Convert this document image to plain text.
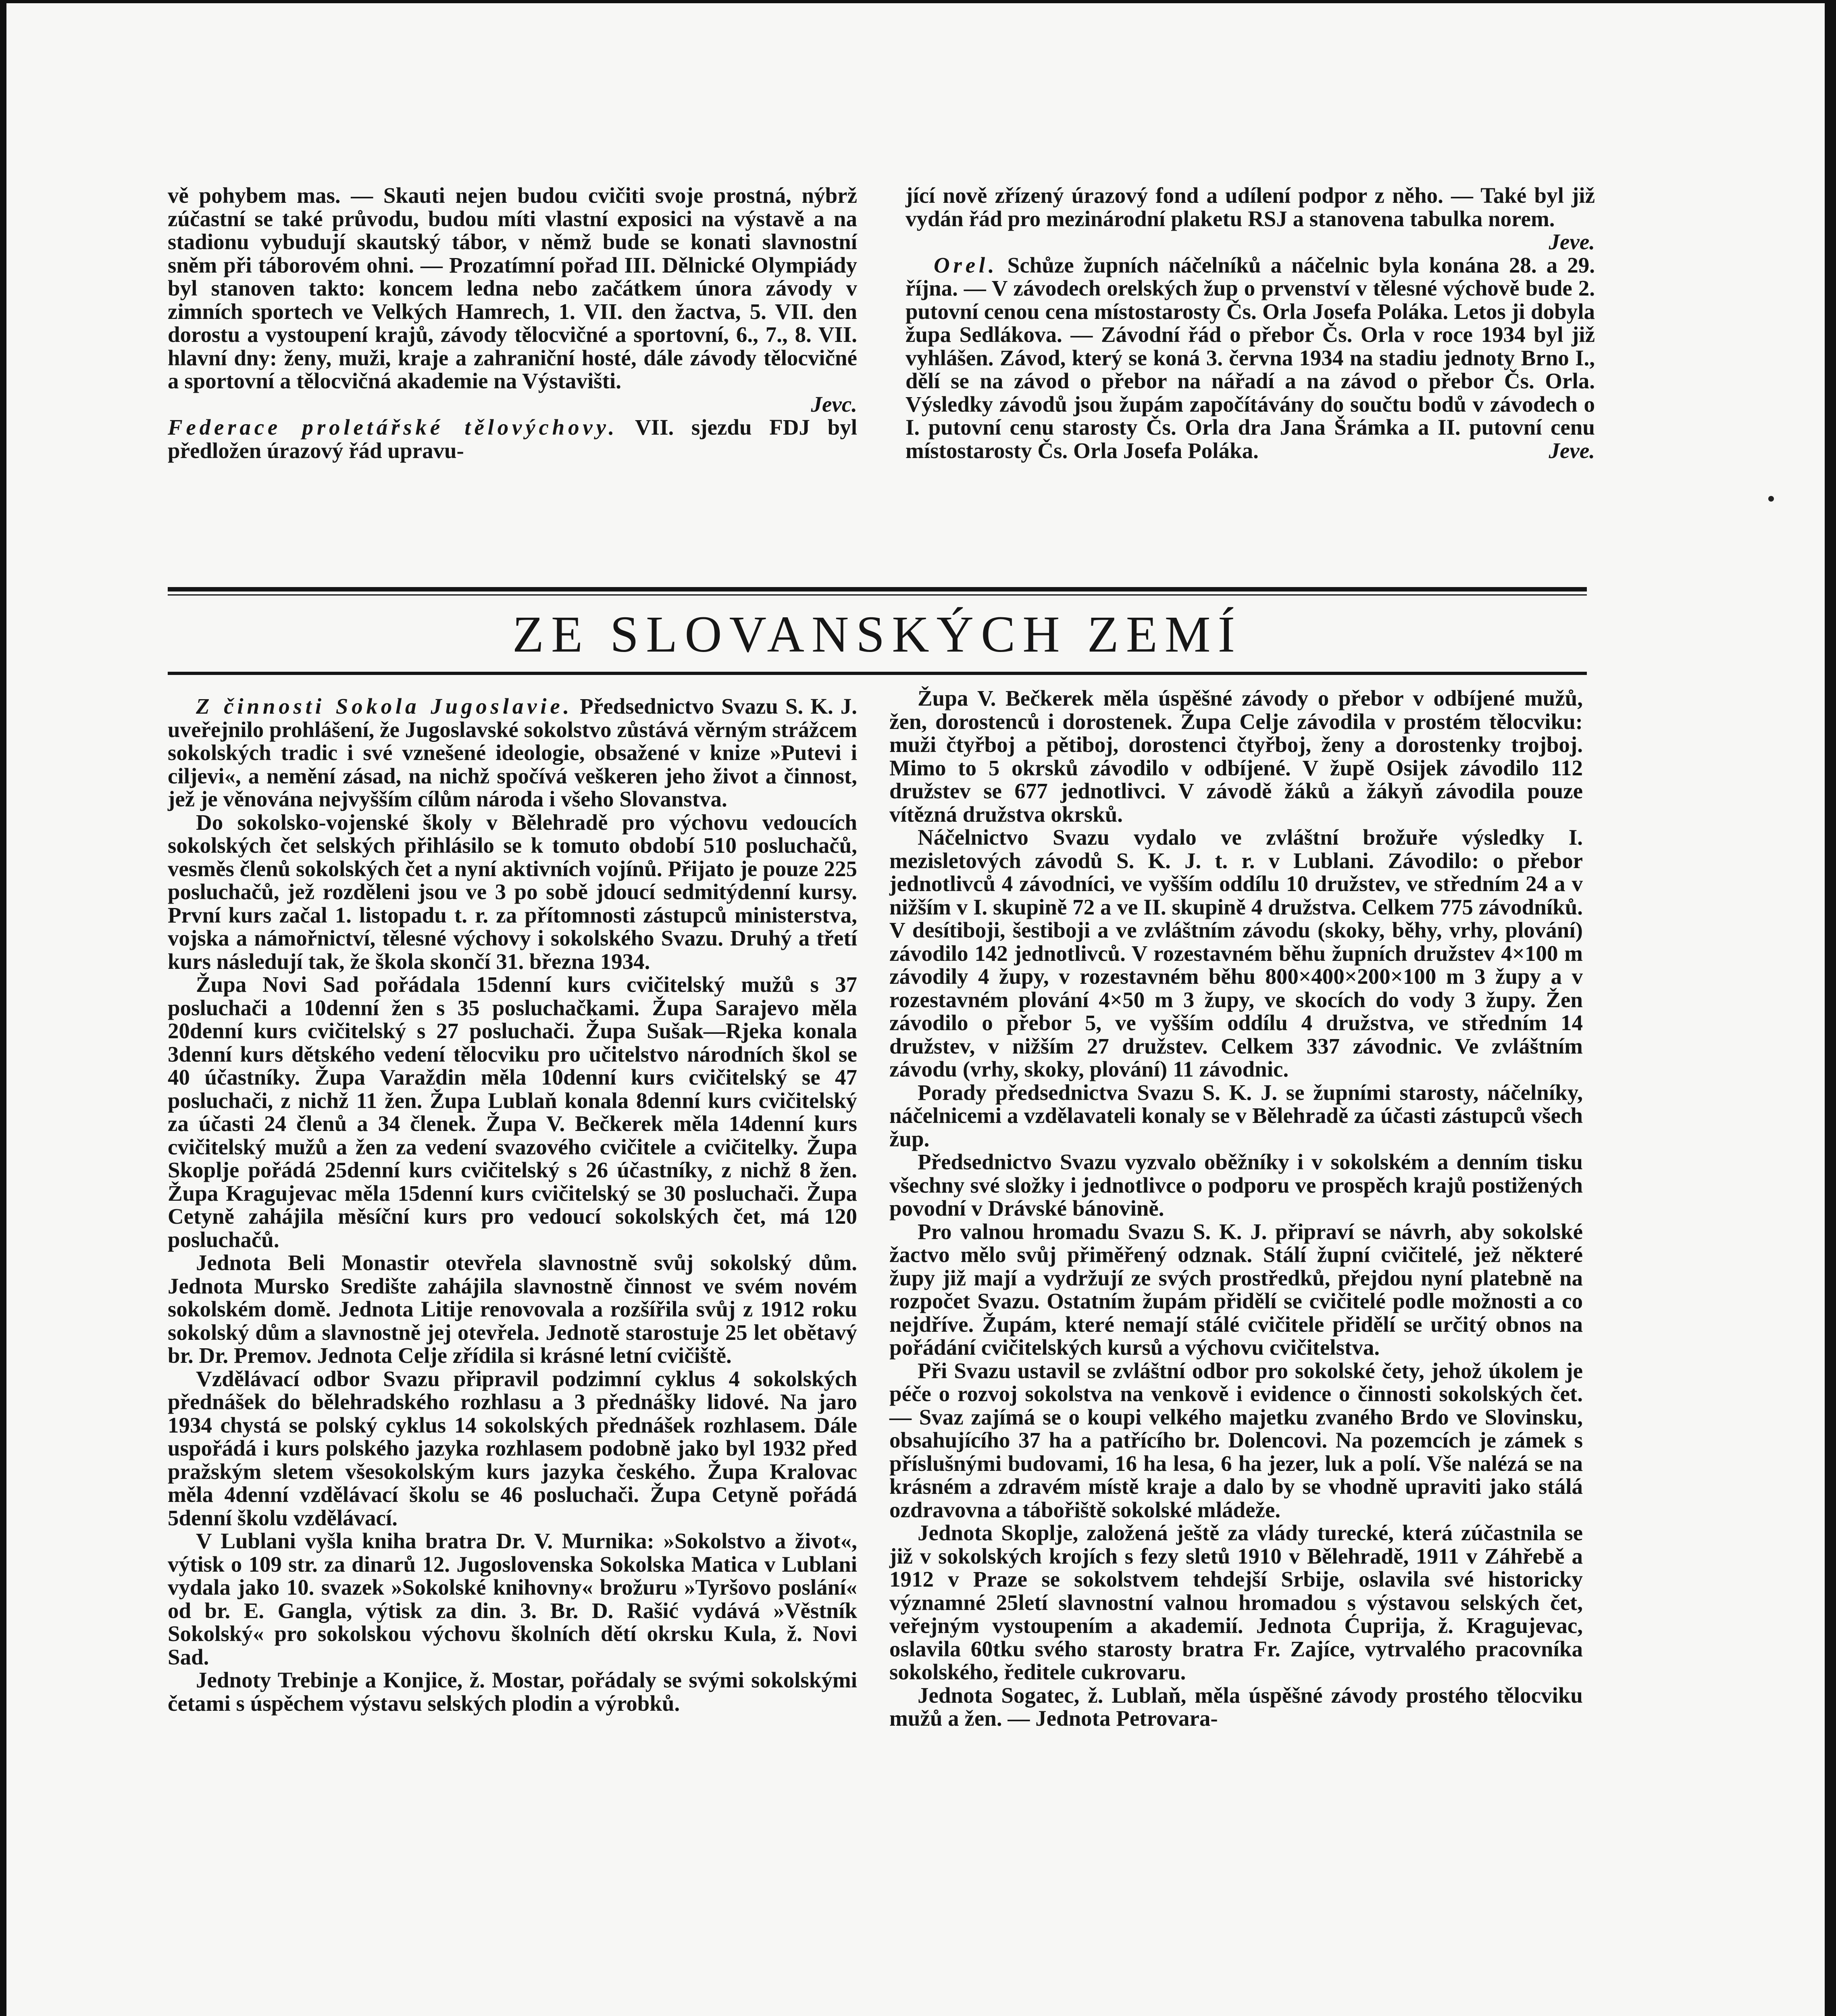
vě pohybem mas. — Skauti nejen budou cvičiti svoje prostná, nýbrž zúčastní se také průvodu, budou míti vlastní exposici na výstavě a na stadionu vybudují skautský tábor, v němž bude se konati slavnostní sněm při táborovém ohni. — Prozatímní pořad III. Dělnické Olympiády byl stanoven takto: koncem ledna nebo začátkem února závody v zimních sportech ve Velkých Hamrech, 1. VII. den žactva, 5. VII. den dorostu a vystoupení krajů, závody tělocvičné a sportovní, 6., 7., 8. VII. hlavní dny: ženy, muži, kraje a zahraniční hosté, dále závody tělocvičné a sportovní a tělocvičná akademie na Výstavišti.

Jevc.

Federace proletářské tělovýchovy. VII. sjezdu FDJ byl předložen úrazový řád upravu-

jící nově zřízený úrazový fond a udílení podpor z něho. — Také byl již vydán řád pro mezinárodní plaketu RSJ a stanovena tabulka norem.
Jeve.

Orel. Schůze župních náčelníků a náčelnic byla konána 28. a 29. října. — V závodech orelských žup o prvenství v tělesné výchově bude 2. putovní cenou cena místostarosty Čs. Orla Josefa Poláka. Letos ji dobyla župa Sedlákova. — Závodní řád o přebor Čs. Orla v roce 1934 byl již vyhlášen. Závod, který se koná 3. června 1934 na stadiu jednoty Brno I., dělí se na závod o přebor na nářadí a na závod o přebor Čs. Orla. Výsledky závodů jsou župám započítávány do součtu bodů v závodech o I. putovní cenu starosty Čs. Orla dra Jana Šrámka a II. putovní cenu místostarosty Čs. Orla Josefa Poláka.	Jeve.

ZE SLOVANSKÝCH ZEMÍ

Z činnosti Sokola Jugoslavie. Předsednictvo Svazu S. K. J. uveřejnilo prohlášení, že Jugoslavské sokolstvo zůstává věrným strážcem sokolských tradic i své vznešené ideologie, obsažené v knize »Putevi i ciljevi«, a nemění zásad, na nichž spočívá veškeren jeho život a činnost, jež je věnována nejvyšším cílům národa i všeho Slovanstva.

Do sokolsko-vojenské školy v Bělehradě pro výchovu vedoucích sokolských čet selských přihlásilo se k tomuto období 510 posluchačů, vesměs členů sokolských čet a nyní aktivních vojínů. Přijato je pouze 225 posluchačů, jež rozděleni jsou ve 3 po sobě jdoucí sedmitýdenní kursy. První kurs začal 1. listopadu t. r. za přítomnosti zástupců ministerstva, vojska a námořnictví, tělesné výchovy i sokolského Svazu. Druhý a třetí kurs následují tak, že škola skončí 31. března 1934.

Župa Novi Sad pořádala 15denní kurs cvičitelský mužů s 37 posluchači a 10denní žen s 35 posluchačkami. Župa Sarajevo měla 20denní kurs cvičitelský s 27 posluchači. Župa Sušak—Rjeka konala 3denní kurs dětského vedení tělocviku pro učitelstvo národních škol se 40 účastníky. Župa Varaždin měla 10denní kurs cvičitelský se 47 posluchači, z nichž 11 žen. Župa Lublaň konala 8denní kurs cvičitelský za účasti 24 členů a 34 členek. Župa V. Bečkerek měla 14denní kurs cvičitelský mužů a žen za vedení svazového cvičitele a cvičitelky. Župa Skoplje pořádá 25denní kurs cvičitelský s 26 účastníky, z nichž 8 žen. Župa Kragujevac měla 15denní kurs cvičitelský se 30 posluchači. Župa Cetyně zahájila měsíční kurs pro vedoucí sokolských čet, má 120 posluchačů.

Jednota Beli Monastir otevřela slavnostně svůj sokolský dům. Jednota Mursko Središte zahájila slavnostně činnost ve svém novém sokolském domě. Jednota Litije renovovala a rozšířila svůj z 1912 roku sokolský dům a slavnostně jej otevřela. Jednotě starostuje 25 let obětavý br. Dr. Premov. Jednota Celje zřídila si krásné letní cvičiště.

Vzdělávací odbor Svazu připravil podzimní cyklus 4 sokolských přednášek do bělehradského rozhlasu a 3 přednášky lidové. Na jaro 1934 chystá se polský cyklus 14 sokolských přednášek rozhlasem. Dále uspořádá i kurs polského jazyka rozhlasem podobně jako byl 1932 před pražským sletem všesokolským kurs jazyka českého. Župa Kralovac měla 4denní vzdělávací školu se 46 posluchači. Župa Cetyně pořádá 5denní školu vzdělávací.

V Lublani vyšla kniha bratra Dr. V. Murnika: »Sokolstvo a život«, výtisk o 109 str. za dinarů 12. Jugoslovenska Sokolska Matica v Lublani vydala jako 10. svazek »Sokolské knihovny« brožuru »Tyršovo poslání« od br. E. Gangla, výtisk za din. 3. Br. D. Rašić vydává »Věstník Sokolský« pro sokolskou výchovu školních dětí okrsku Kula, ž. Novi Sad.

Jednoty Trebinje a Konjice, ž. Mostar, pořádaly se svými sokolskými četami s úspěchem výstavu selských plodin a výrobků.

Župa V. Bečkerek měla úspěšné závody o přebor v odbíjené mužů, žen, dorostenců i dorostenek. Župa Celje závodila v prostém tělocviku: muži čtyřboj a pětiboj, dorostenci čtyřboj, ženy a dorostenky trojboj. Mimo to 5 okrsků závodilo v odbíjené. V župě Osijek závodilo 112 družstev se 677 jednotlivci. V závodě žáků a žákyň závodila pouze vítězná družstva okrsků.

Náčelnictvo Svazu vydalo ve zvláštní brožuře výsledky I. mezisletových závodů S. K. J. t. r. v Lublani. Závodilo: o přebor jednotlivců 4 závodníci, ve vyšším oddílu 10 družstev, ve středním 24 a v nižším v I. skupině 72 a ve II. skupině 4 družstva. Celkem 775 závodníků. V desítiboji, šestiboji a ve zvláštním závodu (skoky, běhy, vrhy, plování) závodilo 142 jednotlivců. V rozestavném běhu župních družstev 4×100 m závodily 4 župy, v rozestavném běhu 800×400×200×100 m 3 župy a v rozestavném plování 4×50 m 3 župy, ve skocích do vody 3 župy. Žen závodilo o přebor 5, ve vyšším oddílu 4 družstva, ve středním 14 družstev, v nižším 27 družstev. Celkem 337 závodnic. Ve zvláštním závodu (vrhy, skoky, plování) 11 závodnic.

Porady předsednictva Svazu S. K. J. se župními starosty, náčelníky, náčelnicemi a vzdělavateli konaly se v Bělehradě za účasti zástupců všech žup.

Předsednictvo Svazu vyzvalo oběžníky i v sokolském a denním tisku všechny své složky i jednotlivce o podporu ve prospěch krajů postižených povodní v Drávské bánovině.

Pro valnou hromadu Svazu S. K. J. připraví se návrh, aby sokolské žactvo mělo svůj přiměřený odznak. Stálí župní cvičitelé, jež některé župy již mají a vydržují ze svých prostředků, přejdou nyní platebně na rozpočet Svazu. Ostatním župám přidělí se cvičitelé podle možnosti a co nejdříve. Župám, které nemají stálé cvičitele přidělí se určitý obnos na pořádání cvičitelských kursů a výchovu cvičitelstva.

Při Svazu ustavil se zvláštní odbor pro sokolské čety, jehož úkolem je péče o rozvoj sokolstva na venkově i evidence o činnosti sokolských čet. — Svaz zajímá se o koupi velkého majetku zvaného Brdo ve Slovinsku, obsahujícího 37 ha a patřícího br. Dolencovi. Na pozemcích je zámek s příslušnými budovami, 16 ha lesa, 6 ha jezer, luk a polí. Vše nalézá se na krásném a zdravém místě kraje a dalo by se vhodně upraviti jako stálá ozdravovna a tábořiště sokolské mládeže.

Jednota Skoplje, založená ještě za vlády turecké, která zúčastnila se již v sokolských krojích s fezy sletů 1910 v Bělehradě, 1911 v Záhřebě a 1912 v Praze se sokolstvem tehdejší Srbije, oslavila své historicky významné 25letí slavnostní valnou hromadou s výstavou selských čet, veřejným vystoupením a akademií. Jednota Ćuprija, ž. Kragujevac, oslavila 60tku svého starosty bratra Fr. Zajíce, vytrvalého pracovníka sokolského, ředitele cukrovaru.

Jednota Sogatec, ž. Lublaň, měla úspěšné závody prostého tělocviku mužů a žen. — Jednota Petrovara-
